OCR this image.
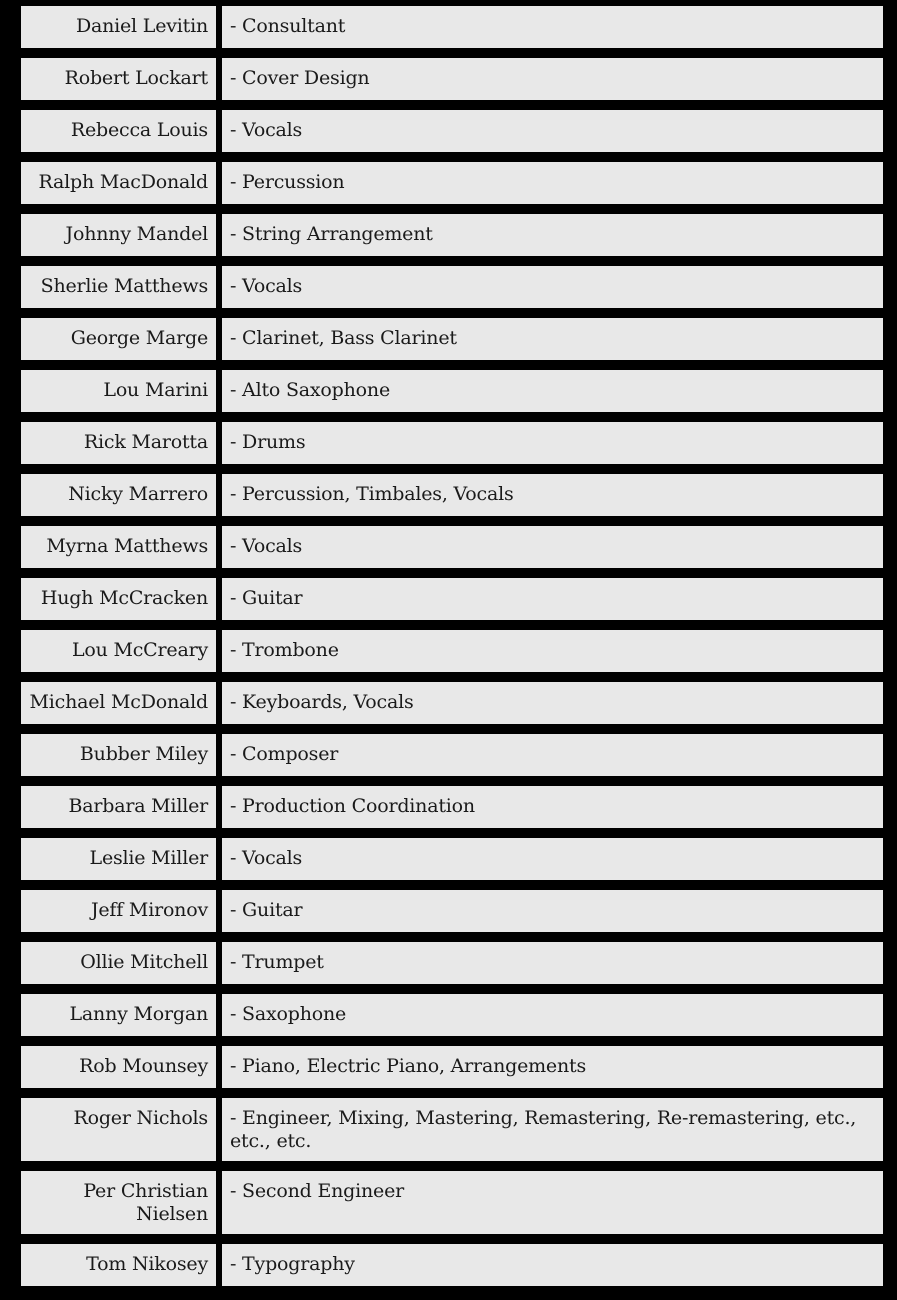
Daniel Levitin	- Consultant
Robert Lockart	- Cover Design
Rebecca Louis	- Vocals
Ralph MacDonald	- Percussion
Johnny Mandel	- String Arrangement
Sherlie Matthews	- Vocals
George Marge	- Clarinet, Bass Clarinet
Lou Marini	- Alto Saxophone
Rick Marotta	- Drums
Nicky Marrero	- Percussion, Timbales, Vocals
Myrna Matthews	- Vocals
Hugh McCracken	- Guitar
Lou McCreary	- Trombone
Michael McDonald	- Keyboards, Vocals
Bubber Miley	- Composer
Barbara Miller	- Production Coordination
Leslie Miller	- Vocals
Jeff Mironov	- Guitar
Ollie Mitchell	- Trumpet
Lanny Morgan	- Saxophone
Rob Mounsey	- Piano, Electric Piano, Arrangements
Roger Nichols	- Engineer, Mixing, Mastering, Remastering, Re-remastering, etc., etc., etc.
Per Christian Nielsen	- Second Engineer
Tom Nikosey	- Typography
